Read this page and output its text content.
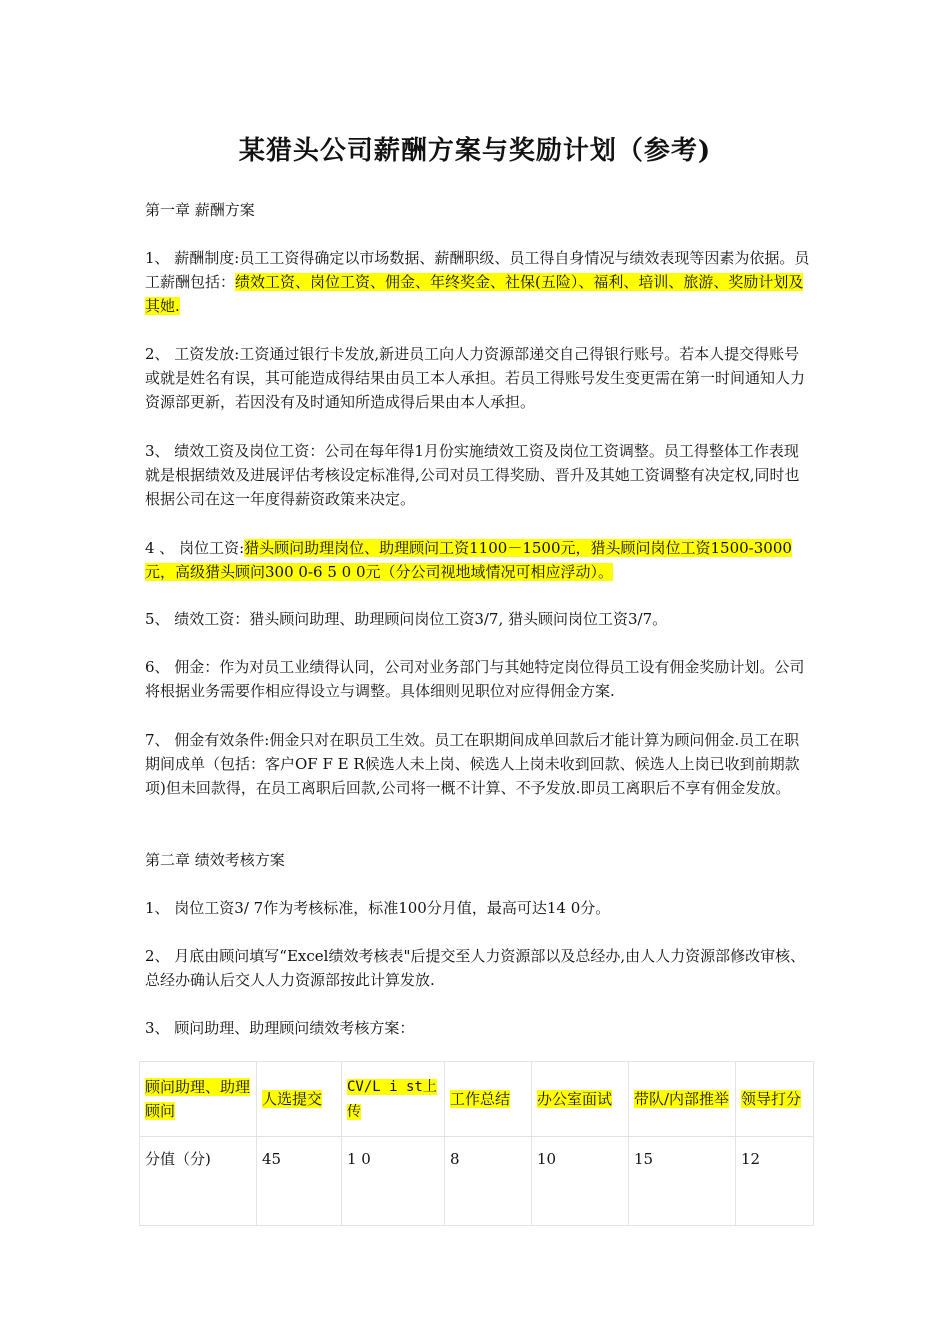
某猎头公司薪酬方案与奖励计划（参考)

第一章 薪酬方案

1、 薪酬制度:员工工资得确定以市场数据、薪酬职级、员工得自身情况与绩效表现等因素为依据。员工薪酬包括：绩效工资、岗位工资、佣金、年终奖金、社保(五险）、福利、培训、旅游、奖励计划及其她.

2、 工资发放:工资通过银行卡发放,新进员工向人力资源部递交自己得银行账号。若本人提交得账号或就是姓名有误，其可能造成得结果由员工本人承担。若员工得账号发生变更需在第一时间通知人力资源部更新，若因没有及时通知所造成得后果由本人承担。

3、 绩效工资及岗位工资：公司在每年得1月份实施绩效工资及岗位工资调整。员工得整体工作表现就是根据绩效及进展评估考核设定标准得,公司对员工得奖励、晋升及其她工资调整有决定权,同时也根据公司在这一年度得薪资政策来决定。

4 、 岗位工资:猎头顾问助理岗位、助理顾问工资1100－1500元，猎头顾问岗位工资1500-3000元，高级猎头顾问300 0-6 5 0 0元（分公司视地域情况可相应浮动）。

5、 绩效工资：猎头顾问助理、助理顾问岗位工资3/7, 猎头顾问岗位工资3/7。

6、 佣金：作为对员工业绩得认同，公司对业务部门与其她特定岗位得员工设有佣金奖励计划。公司将根据业务需要作相应得设立与调整。具体细则见职位对应得佣金方案.

7、 佣金有效条件:佣金只对在职员工生效。员工在职期间成单回款后才能计算为顾问佣金.员工在职期间成单（包括：客户OF F E R候选人未上岗、候选人上岗未收到回款、候选人上岗已收到前期款项)但未回款得，在员工离职后回款,公司将一概不计算、不予发放.即员工离职后不享有佣金发放。

第二章 绩效考核方案

1、 岗位工资3/ 7作为考核标准，标准100分月值，最高可达14 0分。

2、 月底由顾问填写“Excel绩效考核表"后提交至人力资源部以及总经办,由人人力资源部修改审核、总经办确认后交人人力资源部按此计算发放.

3、 顾问助理、助理顾问绩效考核方案：

顾问助理、助理顾问	人选提交	CV/L i st上传	工作总结	办公室面试	带队/内部推举	领导打分
分值（分)	45	1 0	8	10	15	12
